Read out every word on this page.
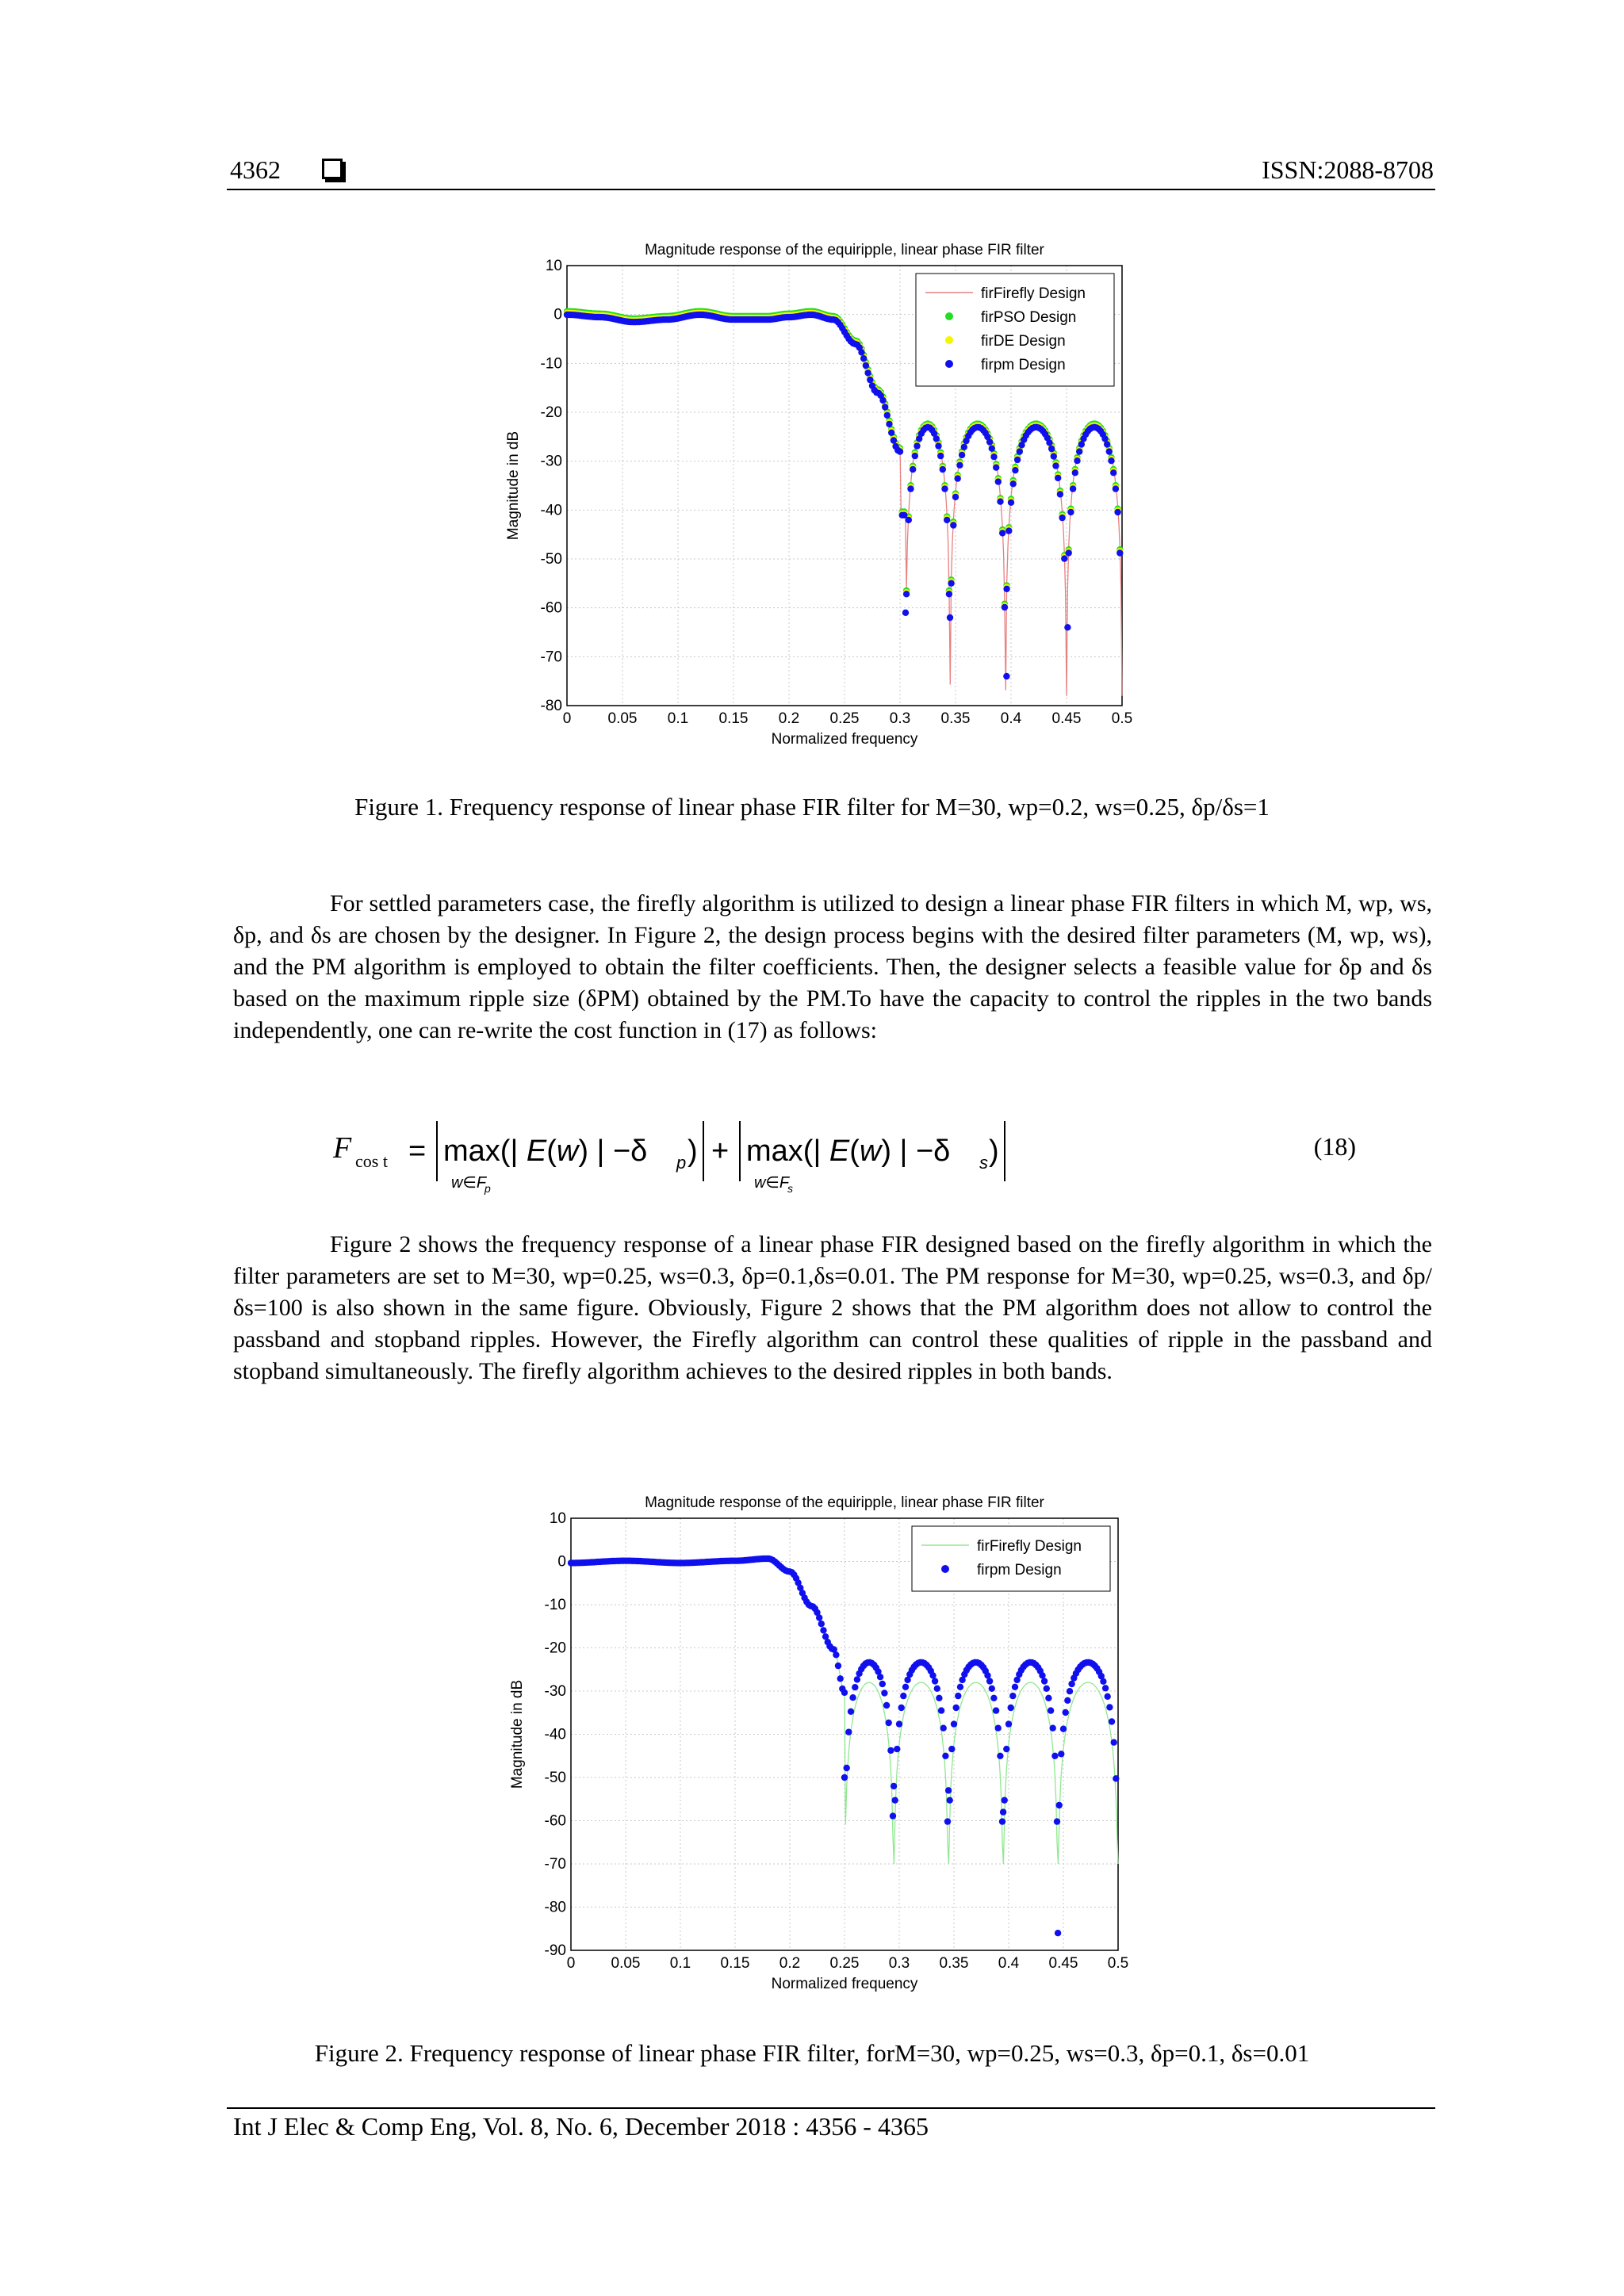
4362	ISSN:2088-8708
Magnitude response of the equiripple, linear phase FIR filter
0 0.05 0.1 0.15 0.2 0.25 0.3 0.35 0.4 0.45 0.5
10
0
-10
-20
-30
-40
-50
-60
-70
-80
Normalized frequency
Magnitude in dB
firFirefly Design
firPSO Design
firDE Design
firpm Design
Figure 1. Frequency response of linear phase FIR filter for M=30, wp=0.2, ws=0.25, δp/δs=1
For settled parameters case, the firefly algorithm is utilized to design a linear phase FIR filters in which M, wp, ws, δp, and δs are chosen by the designer. In Figure 2, the design process begins with the desired filter parameters (M, wp, ws), and the PM algorithm is employed to obtain the filter coefficients. Then, the designer selects a feasible value for δp and δs based on the maximum ripple size (δPM) obtained by the PM.To have the capacity to control the ripples in the two bands independently, one can re-write the cost function in (17) as follows:
F cos t = max(| E(w) | −δ p )
w∈F
p
+ max(| E(w) | −δ s )
w∈F
s
(18)
Figure 2 shows the frequency response of a linear phase FIR designed based on the firefly algorithm in which the filter parameters are set to M=30, wp=0.25, ws=0.3, δp=0.1,δs=0.01. The PM response for M=30, wp=0.25, ws=0.3, and δp/δs=100 is also shown in the same figure. Obviously, Figure 2 shows that the PM algorithm does not allow to control the passband and stopband ripples. However, the Firefly algorithm can control these qualities of ripple in the passband and stopband simultaneously. The firefly algorithm achieves to the desired ripples in both bands.
Magnitude response of the equiripple, linear phase FIR filter
0 0.05 0.1 0.15 0.2 0.25 0.3 0.35 0.4 0.45 0.5
10
0
-10
-20
-30
-40
-50
-60
-70
-80
-90
Normalized frequency
Magnitude in dB
firFirefly Design
firpm Design
Figure 2. Frequency response of linear phase FIR filter, forM=30, wp=0.25, ws=0.3, δp=0.1, δs=0.01
Int J Elec & Comp Eng, Vol. 8, No. 6, December 2018 : 4356 - 4365
